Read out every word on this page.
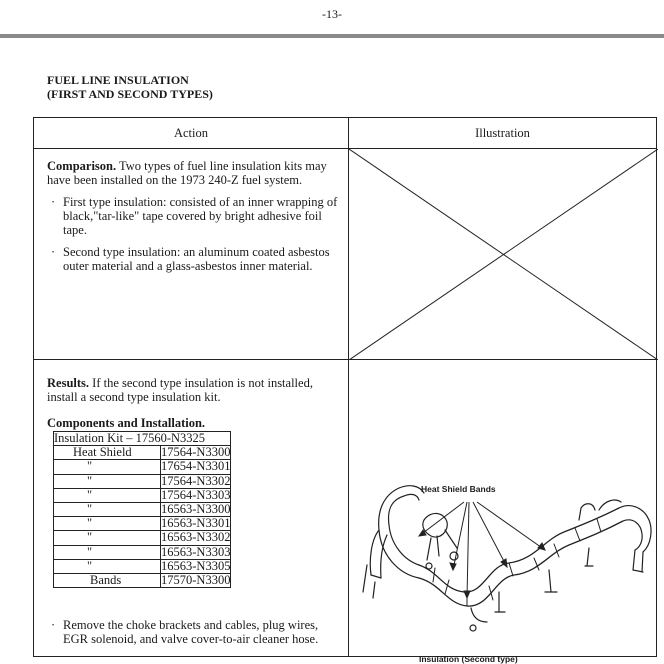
-13-
FUEL LINE INSULATION
(FIRST AND SECOND TYPES)
Action	Illustration

Comparison. Two types of fuel line insulation kits may have been installed on the 1973 240-Z fuel system.

· First type insulation: consisted of an inner wrapping of black,"tar-like" tape covered by bright adhesive foil tape.
· Second type insulation: an aluminum coated asbestos outer material and a glass-asbestos inner material.

Results. If the second type insulation is not installed, install a second type insulation kit.

Components and Installation.
Insulation Kit – 17560-N3325
Heat Shield	17564-N3300
"	17654-N3301
"	17564-N3302
"	17564-N3303
"	16563-N3300
"	16563-N3301
"	16563-N3302
"	16563-N3303
"	16563-N3305
Bands	17570-N3300
· Remove the choke brackets and cables, plug wires, EGR solenoid, and valve cover-to-air cleaner hose.

Heat Shield Bands
Insulation (Second type)
